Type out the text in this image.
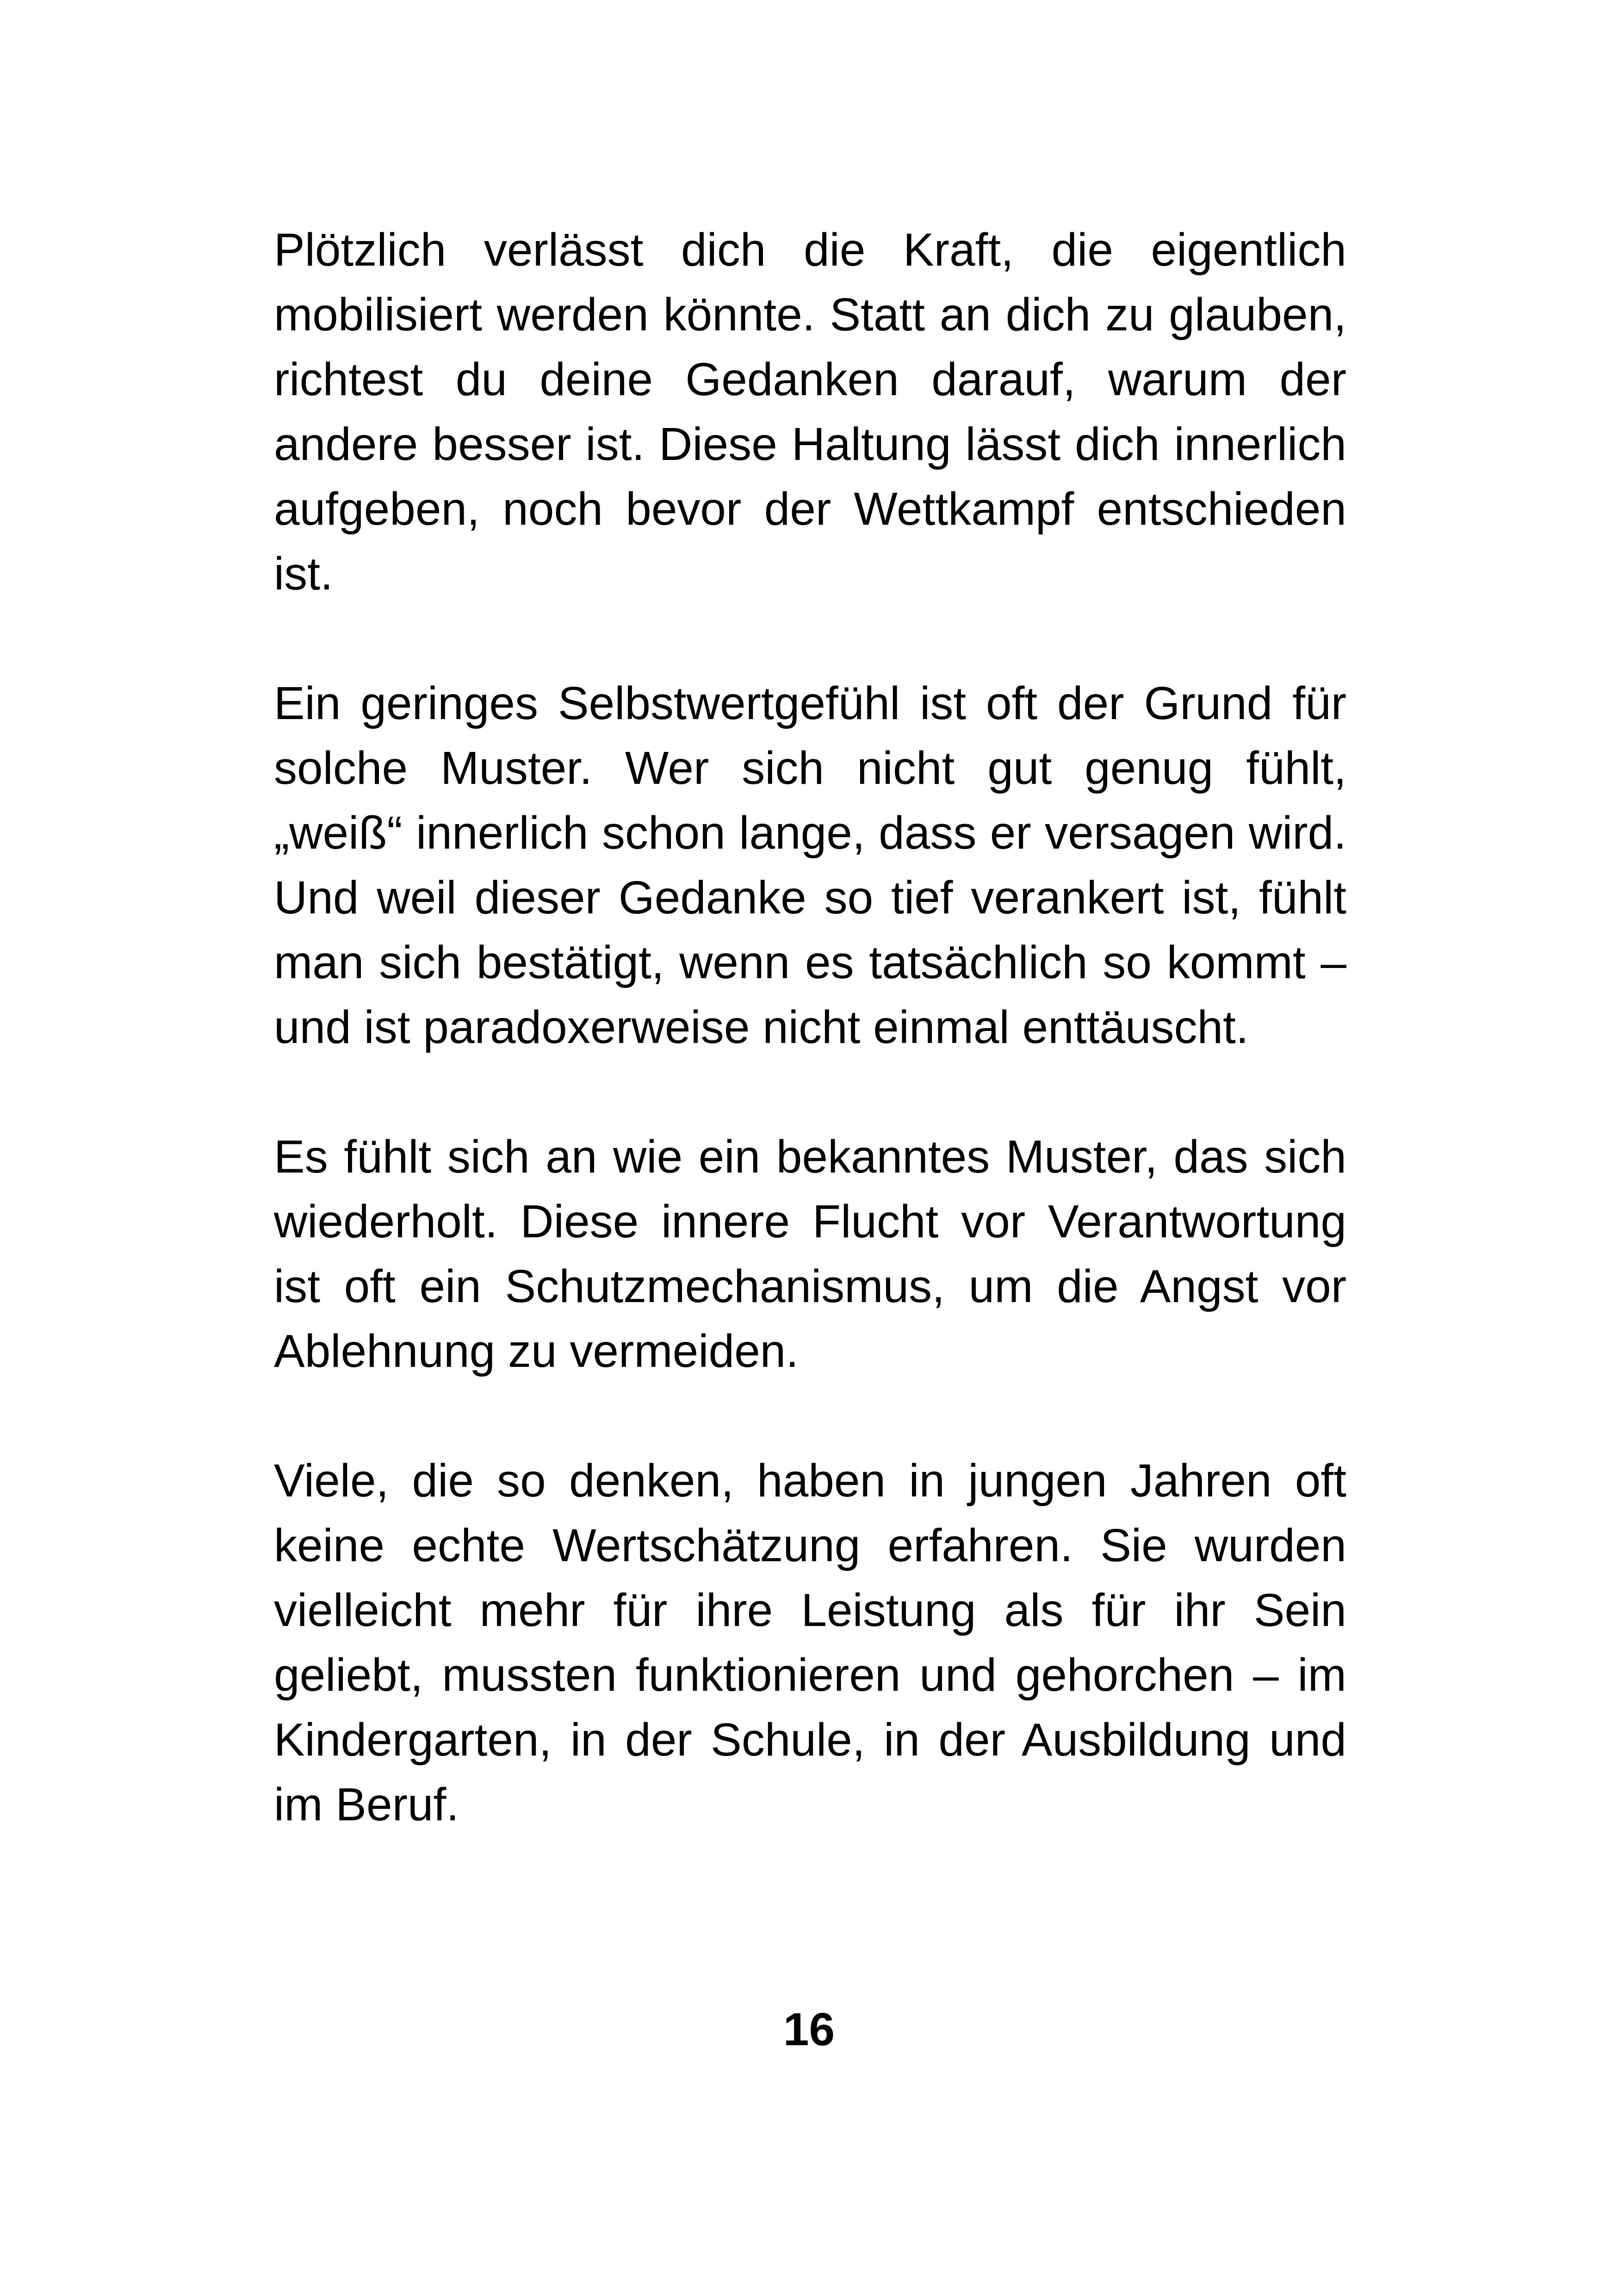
Plötzlich verlässt dich die Kraft, die eigentlich mobilisiert werden könnte. Statt an dich zu glauben, richtest du deine Gedanken darauf, warum der andere besser ist. Diese Haltung lässt dich innerlich aufgeben, noch bevor der Wettkampf entschieden ist.

Ein geringes Selbstwertgefühl ist oft der Grund für solche Muster. Wer sich nicht gut genug fühlt, „weiß“ innerlich schon lange, dass er versagen wird. Und weil dieser Gedanke so tief verankert ist, fühlt man sich bestätigt, wenn es tatsächlich so kommt – und ist paradoxerweise nicht einmal enttäuscht.

Es fühlt sich an wie ein bekanntes Muster, das sich wiederholt. Diese innere Flucht vor Verantwortung ist oft ein Schutzmechanismus, um die Angst vor Ablehnung zu vermeiden.

Viele, die so denken, haben in jungen Jahren oft keine echte Wertschätzung erfahren. Sie wurden vielleicht mehr für ihre Leistung als für ihr Sein geliebt, mussten funktionieren und gehorchen – im Kindergarten, in der Schule, in der Ausbildung und im Beruf.

16
